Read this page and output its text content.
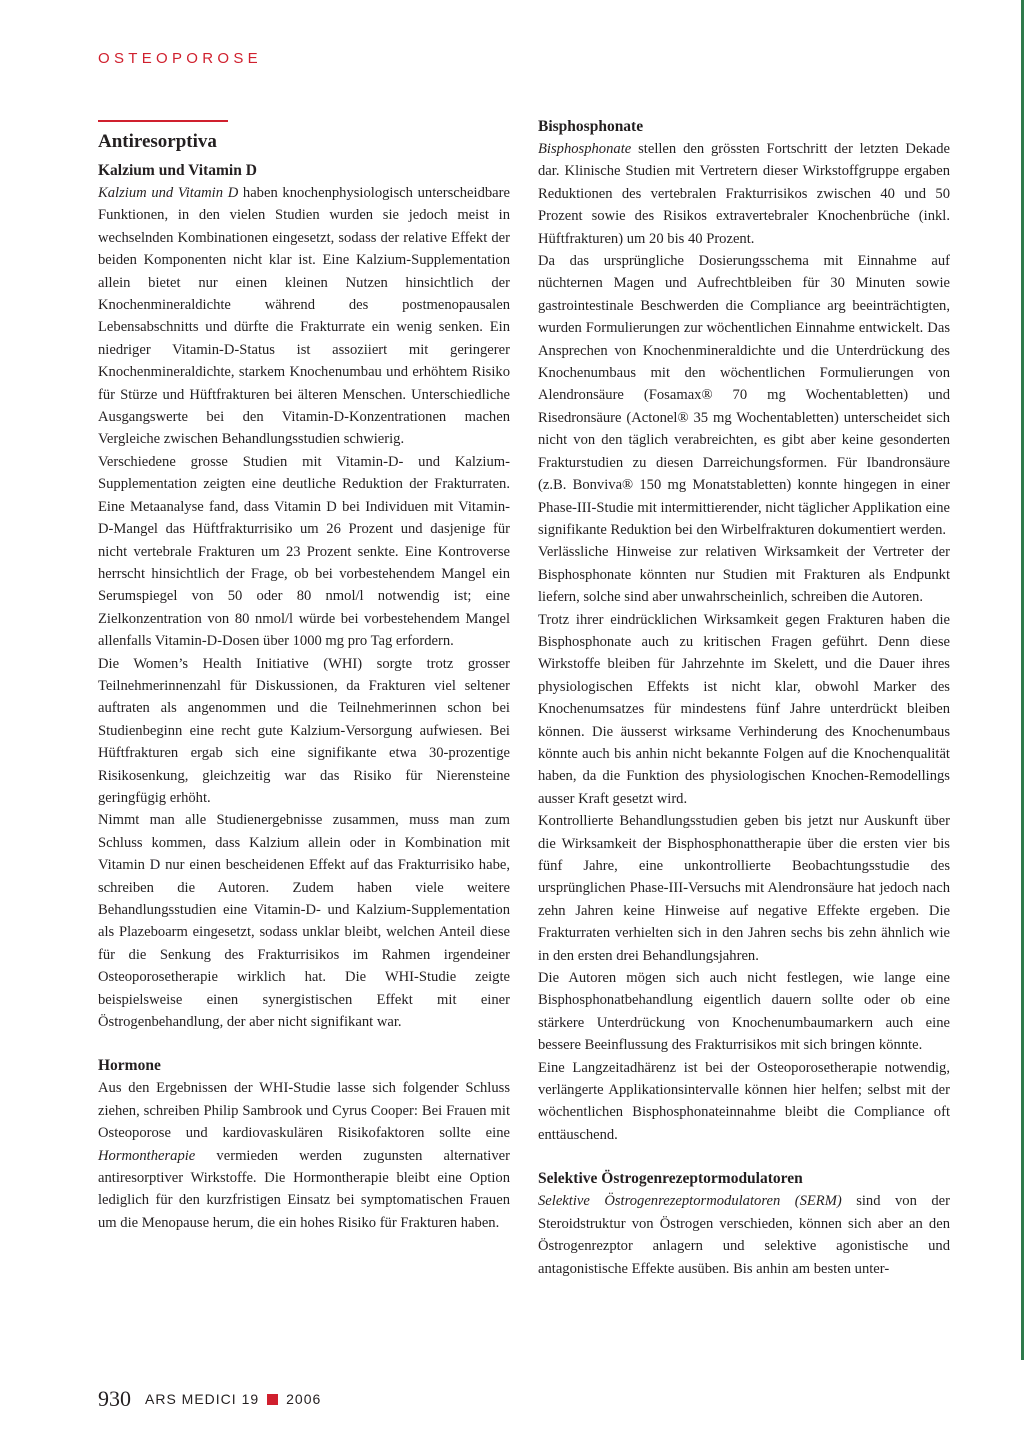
OSTEOPOROSE
Antiresorptiva
Kalzium und Vitamin D

Kalzium und Vitamin D haben knochenphysiologisch unterscheidbare Funktionen, in den vielen Studien wurden sie jedoch meist in wechselnden Kombinationen eingesetzt, sodass der relative Effekt der beiden Komponenten nicht klar ist. Eine Kalzium-Supplementation allein bietet nur einen kleinen Nutzen hinsichtlich der Knochenmineraldichte während des postmenopausalen Lebensabschnitts und dürfte die Frakturrate ein wenig senken. Ein niedriger Vitamin-D-Status ist assoziiert mit geringerer Knochenmineraldichte, starkem Knochenumbau und erhöhtem Risiko für Stürze und Hüftfrakturen bei älteren Menschen. Unterschiedliche Ausgangswerte bei den Vitamin-D-Konzentrationen machen Vergleiche zwischen Behandlungsstudien schwierig.

Verschiedene grosse Studien mit Vitamin-D- und Kalzium-Supplementation zeigten eine deutliche Reduktion der Frakturraten. Eine Metaanalyse fand, dass Vitamin D bei Individuen mit Vitamin-D-Mangel das Hüftfrakturrisiko um 26 Prozent und dasjenige für nicht vertebrale Frakturen um 23 Prozent senkte. Eine Kontroverse herrscht hinsichtlich der Frage, ob bei vorbestehendem Mangel ein Serumspiegel von 50 oder 80 nmol/l notwendig ist; eine Zielkonzentration von 80 nmol/l würde bei vorbestehendem Mangel allenfalls Vitamin-D-Dosen über 1000 mg pro Tag erfordern.

Die Women’s Health Initiative (WHI) sorgte trotz grosser Teilnehmerinnenzahl für Diskussionen, da Frakturen viel seltener auftraten als angenommen und die Teilnehmerinnen schon bei Studienbeginn eine recht gute Kalzium-Versorgung aufwiesen. Bei Hüftfrakturen ergab sich eine signifikante etwa 30-prozentige Risikosenkung, gleichzeitig war das Risiko für Nierensteine geringfügig erhöht.

Nimmt man alle Studienergebnisse zusammen, muss man zum Schluss kommen, dass Kalzium allein oder in Kombination mit Vitamin D nur einen bescheidenen Effekt auf das Frakturrisiko habe, schreiben die Autoren. Zudem haben viele weitere Behandlungsstudien eine Vitamin-D- und Kalzium-Supplementation als Plazeboarm eingesetzt, sodass unklar bleibt, welchen Anteil diese für die Senkung des Frakturrisikos im Rahmen irgendeiner Osteoporosetherapie wirklich hat. Die WHI-Studie zeigte beispielsweise einen synergistischen Effekt mit einer Östrogenbehandlung, der aber nicht signifikant war.

Hormone

Aus den Ergebnissen der WHI-Studie lasse sich folgender Schluss ziehen, schreiben Philip Sambrook und Cyrus Cooper: Bei Frauen mit Osteoporose und kardiovaskulären Risikofaktoren sollte eine Hormontherapie vermieden werden zugunsten alternativer antiresorptiver Wirkstoffe. Die Hormontherapie bleibt eine Option lediglich für den kurzfristigen Einsatz bei symptomatischen Frauen um die Menopause herum, die ein hohes Risiko für Frakturen haben.

Bisphosphonate

Bisphosphonate stellen den grössten Fortschritt der letzten Dekade dar. Klinische Studien mit Vertretern dieser Wirkstoffgruppe ergaben Reduktionen des vertebralen Frakturrisikos zwischen 40 und 50 Prozent sowie des Risikos extravertebraler Knochenbrüche (inkl. Hüftfrakturen) um 20 bis 40 Prozent.

Da das ursprüngliche Dosierungsschema mit Einnahme auf nüchternen Magen und Aufrechtbleiben für 30 Minuten sowie gastrointestinale Beschwerden die Compliance arg beeinträchtigten, wurden Formulierungen zur wöchentlichen Einnahme entwickelt. Das Ansprechen von Knochenmineraldichte und die Unterdrückung des Knochenumbaus mit den wöchentlichen Formulierungen von Alendronsäure (Fosamax® 70 mg Wochentabletten) und Risedronsäure (Actonel® 35 mg Wochentabletten) unterscheidet sich nicht von den täglich verabreichten, es gibt aber keine gesonderten Frakturstudien zu diesen Darreichungsformen. Für Ibandronsäure (z.B. Bonviva® 150 mg Monatstabletten) konnte hingegen in einer Phase-III-Studie mit intermittierender, nicht täglicher Applikation eine signifikante Reduktion bei den Wirbelfrakturen dokumentiert werden.

Verlässliche Hinweise zur relativen Wirksamkeit der Vertreter der Bisphosphonate könnten nur Studien mit Frakturen als Endpunkt liefern, solche sind aber unwahrscheinlich, schreiben die Autoren.

Trotz ihrer eindrücklichen Wirksamkeit gegen Frakturen haben die Bisphosphonate auch zu kritischen Fragen geführt. Denn diese Wirkstoffe bleiben für Jahrzehnte im Skelett, und die Dauer ihres physiologischen Effekts ist nicht klar, obwohl Marker des Knochenumsatzes für mindestens fünf Jahre unterdrückt bleiben können. Die äusserst wirksame Verhinderung des Knochenumbaus könnte auch bis anhin nicht bekannte Folgen auf die Knochenqualität haben, da die Funktion des physiologischen Knochen-Remodellings ausser Kraft gesetzt wird.

Kontrollierte Behandlungsstudien geben bis jetzt nur Auskunft über die Wirksamkeit der Bisphosphonattherapie über die ersten vier bis fünf Jahre, eine unkontrollierte Beobachtungsstudie des ursprünglichen Phase-III-Versuchs mit Alendronsäure hat jedoch nach zehn Jahren keine Hinweise auf negative Effekte ergeben. Die Frakturraten verhielten sich in den Jahren sechs bis zehn ähnlich wie in den ersten drei Behandlungsjahren.

Die Autoren mögen sich auch nicht festlegen, wie lange eine Bisphosphonatbehandlung eigentlich dauern sollte oder ob eine stärkere Unterdrückung von Knochenumbaumarkern auch eine bessere Beeinflussung des Frakturrisikos mit sich bringen könnte.

Eine Langzeitadhärenz ist bei der Osteoporosetherapie notwendig, verlängerte Applikationsintervalle können hier helfen; selbst mit der wöchentlichen Bisphosphonateinnahme bleibt die Compliance oft enttäuschend.

Selektive Östrogenrezeptormodulatoren

Selektive Östrogenrezeptormodulatoren (SERM) sind von der Steroidstruktur von Östrogen verschieden, können sich aber an den Östrogenrezptor anlagern und selektive agonistische und antagonistische Effekte ausüben. Bis anhin am besten unter-

930 ARS MEDICI 19 2006
